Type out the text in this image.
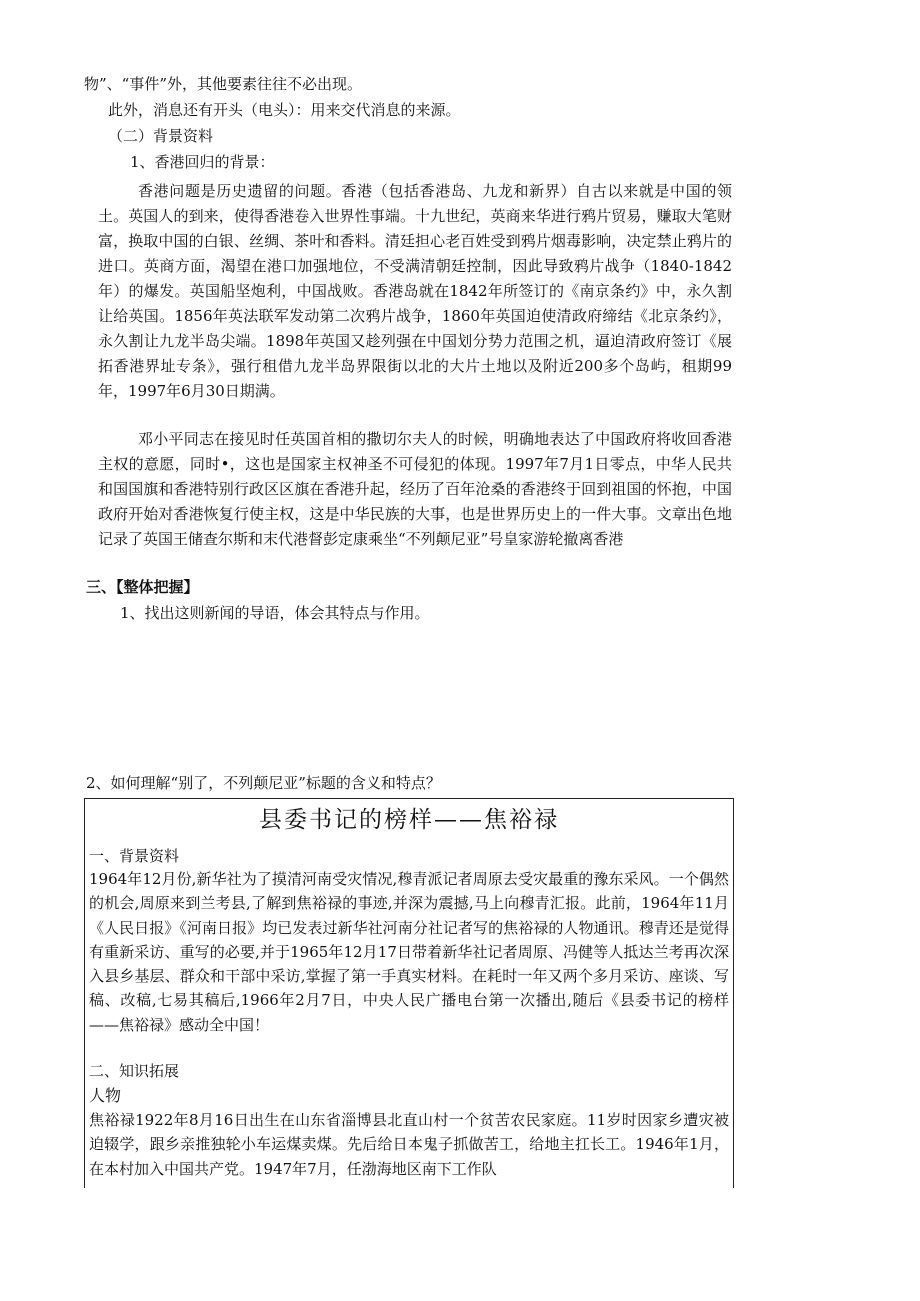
物”、“事件”外，其他要素往往不必出现。
此外，消息还有开头（电头）：用来交代消息的来源。
（二）背景资料
1、香港回归的背景：
香港问题是历史遗留的问题。香港（包括香港岛、九龙和新界）自古以来就是中国的领土。英国人的到来，使得香港卷入世界性事端。十九世纪，英商来华进行鸦片贸易，赚取大笔财富，换取中国的白银、丝绸、茶叶和香料。清廷担心老百姓受到鸦片烟毒影响，决定禁止鸦片的进口。英商方面，渴望在港口加强地位，不受满清朝廷控制，因此导致鸦片战争（1840-1842年）的爆发。英国船坚炮利，中国战败。香港岛就在1842年所签订的《南京条约》中，永久割让给英国。1856年英法联军发动第二次鸦片战争，1860年英国迫使清政府缔结《北京条约》，永久割让九龙半岛尖端。1898年英国又趁列强在中国划分势力范围之机，逼迫清政府签订《展拓香港界址专条》，强行租借九龙半岛界限街以北的大片土地以及附近200多个岛屿，租期99年，1997年6月30日期满。
邓小平同志在接见时任英国首相的撒切尔夫人的时候，明确地表达了中国政府将收回香港主权的意愿，同时•，这也是国家主权神圣不可侵犯的体现。1997年7月1日零点，中华人民共和国国旗和香港特别行政区区旗在香港升起，经历了百年沧桑的香港终于回到祖国的怀抱，中国政府开始对香港恢复行使主权，这是中华民族的大事，也是世界历史上的一件大事。文章出色地记录了英国王储查尔斯和末代港督彭定康乘坐“不列颠尼亚”号皇家游轮撤离香港
三、【整体把握】
1、找出这则新闻的导语，体会其特点与作用。
2、如何理解“别了，不列颠尼亚”标题的含义和特点？
县委书记的榜样——焦裕禄
一、背景资料
1964年12月份,新华社为了摸清河南受灾情况,穆青派记者周原去受灾最重的豫东采风。一个偶然的机会,周原来到兰考县,了解到焦裕禄的事迹,并深为震撼,马上向穆青汇报。此前，1964年11月《人民日报》《河南日报》均已发表过新华社河南分社记者写的焦裕禄的人物通讯。穆青还是觉得有重新采访、重写的必要,并于1965年12月17日带着新华社记者周原、冯健等人抵达兰考再次深入县乡基层、群众和干部中采访,掌握了第一手真实材料。在耗时一年又两个多月采访、座谈、写稿、改稿,七易其稿后,1966年2月7日，中央人民广播电台第一次播出,随后《县委书记的榜样——焦裕禄》感动全中国！
二、知识拓展
人物
焦裕禄1922年8月16日出生在山东省淄博县北直山村一个贫苦农民家庭。11岁时因家乡遭灾被迫辍学，跟乡亲推独轮小车运煤卖煤。先后给日本鬼子抓做苦工，给地主扛长工。1946年1月，在本村加入中国共产党。1947年7月，任渤海地区南下工作队
